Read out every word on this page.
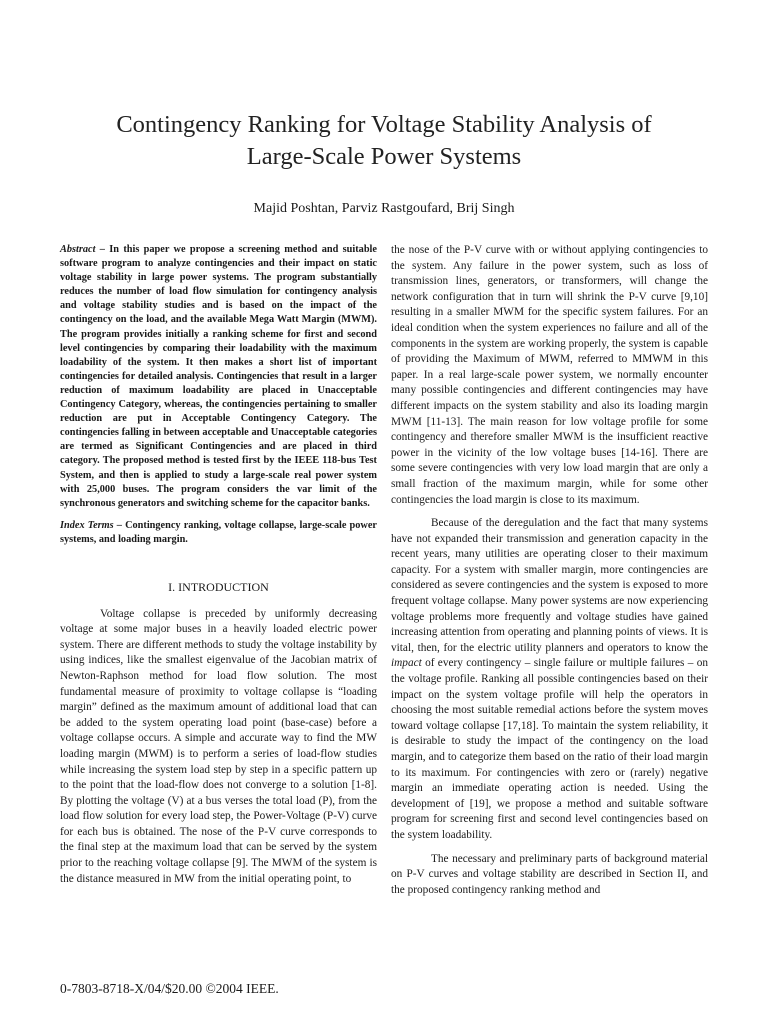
Contingency Ranking for Voltage Stability Analysis of
Large-Scale Power Systems
Majid Poshtan, Parviz Rastgoufard, Brij Singh

Abstract – In this paper we propose a screening method and suitable software program to analyze contingencies and their impact on static voltage stability in large power systems. The program substantially reduces the number of load flow simulation for contingency analysis and voltage stability studies and is based on the impact of the contingency on the load, and the available Mega Watt Margin (MWM). The program provides initially a ranking scheme for first and second level contingencies by comparing their loadability with the maximum loadability of the system. It then makes a short list of important contingencies for detailed analysis. Contingencies that result in a larger reduction of maximum loadability are placed in Unacceptable Contingency Category, whereas, the contingencies pertaining to smaller reduction are put in Acceptable Contingency Category. The contingencies falling in between acceptable and Unacceptable categories are termed as Significant Contingencies and are placed in third category. The proposed method is tested first by the IEEE 118-bus Test System, and then is applied to study a large-scale real power system with 25,000 buses. The program considers the var limit of the synchronous generators and switching scheme for the capacitor banks.

Index Terms – Contingency ranking, voltage collapse, large-scale power systems, and loading margin.

I. INTRODUCTION

Voltage collapse is preceded by uniformly decreasing voltage at some major buses in a heavily loaded electric power system. There are different methods to study the voltage instability by using indices, like the smallest eigenvalue of the Jacobian matrix of Newton-Raphson method for load flow solution. The most fundamental measure of proximity to voltage collapse is “loading margin” defined as the maximum amount of additional load that can be added to the system operating load point (base-case) before a voltage collapse occurs. A simple and accurate way to find the MW loading margin (MWM) is to perform a series of load-flow studies while increasing the system load step by step in a specific pattern up to the point that the load-flow does not converge to a solution [1-8]. By plotting the voltage (V) at a bus verses the total load (P), from the load flow solution for every load step, the Power-Voltage (P-V) curve for each bus is obtained. The nose of the P-V curve corresponds to the final step at the maximum load that can be served by the system prior to the reaching voltage collapse [9]. The MWM of the system is the distance measured in MW from the initial operating point, to

the nose of the P-V curve with or without applying contingencies to the system. Any failure in the power system, such as loss of transmission lines, generators, or transformers, will change the network configuration that in turn will shrink the P-V curve [9,10] resulting in a smaller MWM for the specific system failures. For an ideal condition when the system experiences no failure and all of the components in the system are working properly, the system is capable of providing the Maximum of MWM, referred to MMWM in this paper. In a real large-scale power system, we normally encounter many possible contingencies and different contingencies may have different impacts on the system stability and also its loading margin MWM [11-13]. The main reason for low voltage profile for some contingency and therefore smaller MWM is the insufficient reactive power in the vicinity of the low voltage buses [14-16]. There are some severe contingencies with very low load margin that are only a small fraction of the maximum margin, while for some other contingencies the load margin is close to its maximum.

Because of the deregulation and the fact that many systems have not expanded their transmission and generation capacity in the recent years, many utilities are operating closer to their maximum capacity. For a system with smaller margin, more contingencies are considered as severe contingencies and the system is exposed to more frequent voltage collapse. Many power systems are now experiencing voltage problems more frequently and voltage studies have gained increasing attention from operating and planning points of views. It is vital, then, for the electric utility planners and operators to know the impact of every contingency – single failure or multiple failures – on the voltage profile. Ranking all possible contingencies based on their impact on the system voltage profile will help the operators in choosing the most suitable remedial actions before the system moves toward voltage collapse [17,18]. To maintain the system reliability, it is desirable to study the impact of the contingency on the load margin, and to categorize them based on the ratio of their load margin to its maximum. For contingencies with zero or (rarely) negative margin an immediate operating action is needed. Using the development of [19], we propose a method and suitable software program for screening first and second level contingencies based on the system loadability.

The necessary and preliminary parts of background material on P-V curves and voltage stability are described in Section II, and the proposed contingency ranking method and

0-7803-8718-X/04/$20.00 ©2004 IEEE.
